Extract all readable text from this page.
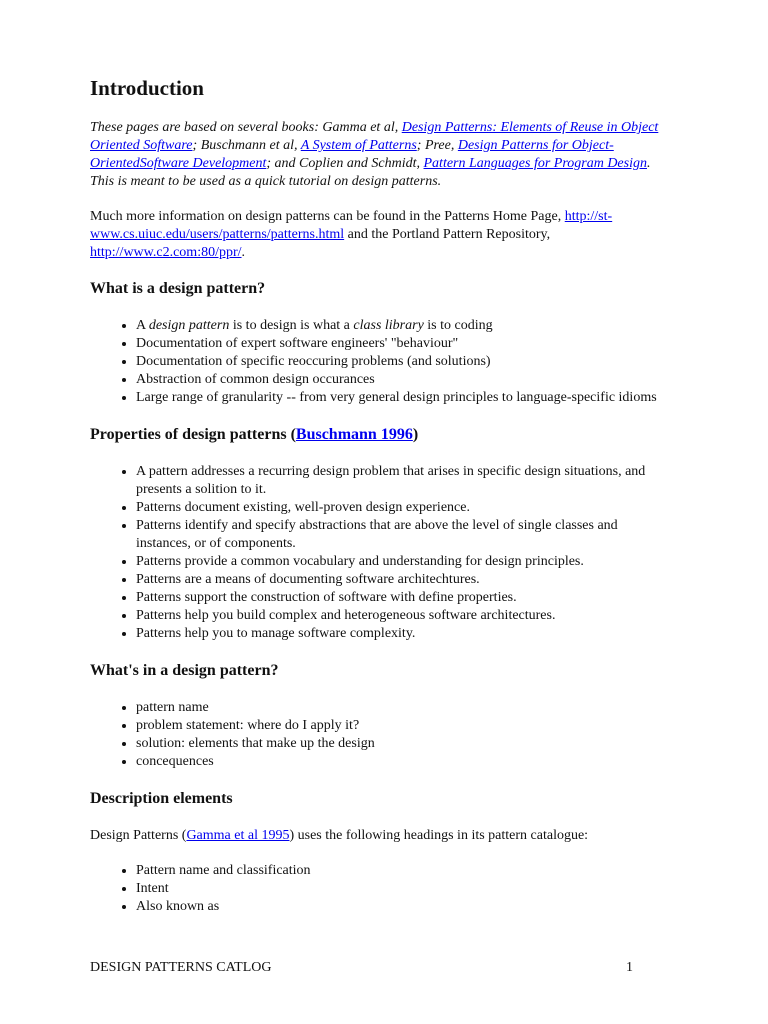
Introduction

These pages are based on several books: Gamma et al, Design Patterns: Elements of Reuse in Object Oriented Software; Buschmann et al, A System of Patterns; Pree, Design Patterns for Object-OrientedSoftware Development; and Coplien and Schmidt, Pattern Languages for Program Design. This is meant to be used as a quick tutorial on design patterns.

Much more information on design patterns can be found in the Patterns Home Page, http://st-www.cs.uiuc.edu/users/patterns/patterns.html and the Portland Pattern Repository, http://www.c2.com:80/ppr/.

What is a design pattern?
• A design pattern is to design is what a class library is to coding
• Documentation of expert software engineers' "behaviour"
• Documentation of specific reoccuring problems (and solutions)
• Abstraction of common design occurances
• Large range of granularity -- from very general design principles to language-specific idioms
Properties of design patterns (Buschmann 1996)
• A pattern addresses a recurring design problem that arises in specific design situations, and presents a solition to it.
• Patterns document existing, well-proven design experience.
• Patterns identify and specify abstractions that are above the level of single classes and instances, or of components.
• Patterns provide a common vocabulary and understanding for design principles.
• Patterns are a means of documenting software architechtures.
• Patterns support the construction of software with define properties.
• Patterns help you build complex and heterogeneous software architectures.
• Patterns help you to manage software complexity.
What's in a design pattern?
• pattern name
• problem statement: where do I apply it?
• solution: elements that make up the design
• concequences
Description elements

Design Patterns (Gamma et al 1995) uses the following headings in its pattern catalogue:

• Pattern name and classification
• Intent
• Also known as
DESIGN PATTERNS CATLOG	1
